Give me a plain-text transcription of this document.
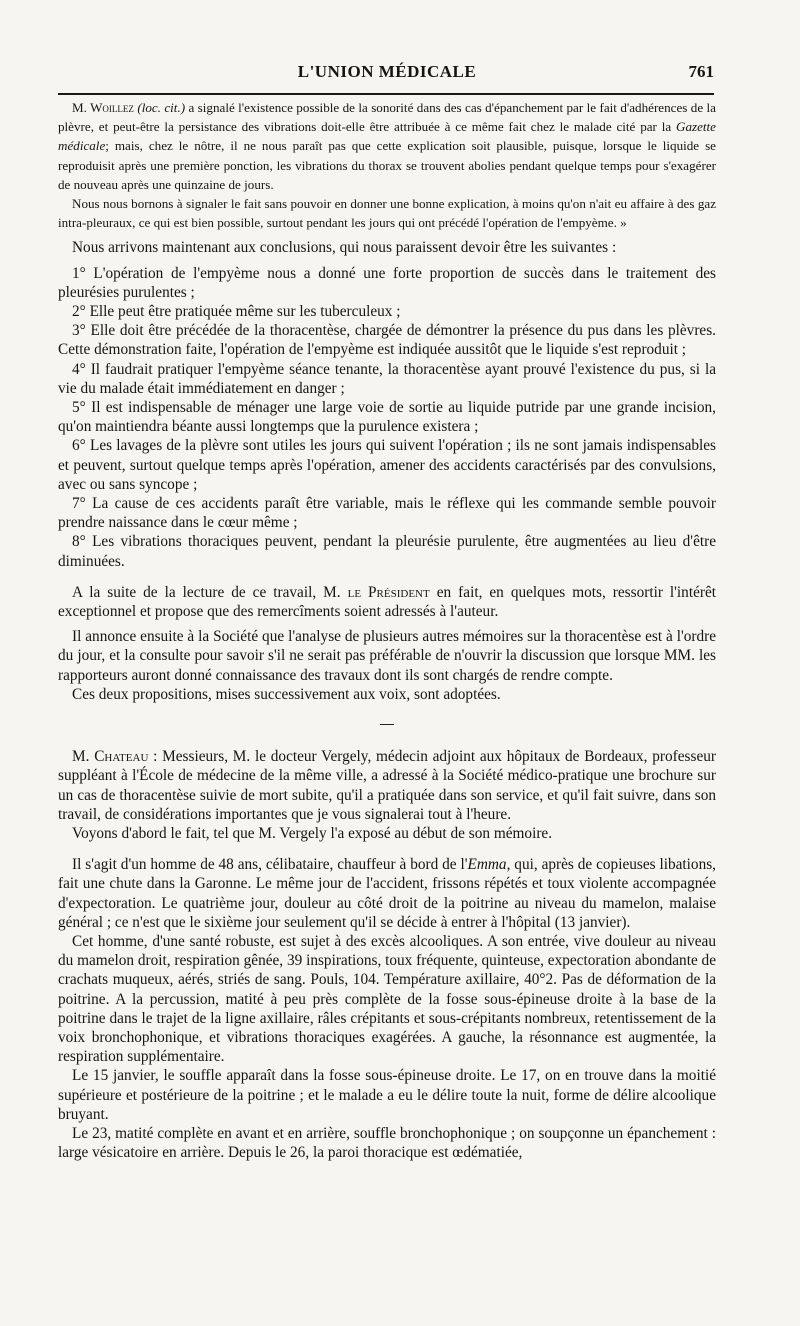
L'UNION MÉDICALE	761

M. Woillez (loc. cit.) a signalé l'existence possible de la sonorité dans des cas d'épanchement par le fait d'adhérences de la plèvre, et peut-être la persistance des vibrations doit-elle être attribuée à ce même fait chez le malade cité par la Gazette médicale; mais, chez le nôtre, il ne nous paraît pas que cette explication soit plausible, puisque, lorsque le liquide se reproduisit après une première ponction, les vibrations du thorax se trouvent abolies pendant quelque temps pour s'exagérer de nouveau après une quinzaine de jours.

Nous nous bornons à signaler le fait sans pouvoir en donner une bonne explication, à moins qu'on n'ait eu affaire à des gaz intra-pleuraux, ce qui est bien possible, surtout pendant les jours qui ont précédé l'opération de l'empyème. »

Nous arrivons maintenant aux conclusions, qui nous paraissent devoir être les suivantes :

1° L'opération de l'empyème nous a donné une forte proportion de succès dans le traitement des pleurésies purulentes ;

2° Elle peut être pratiquée même sur les tuberculeux ;

3° Elle doit être précédée de la thoracentèse, chargée de démontrer la présence du pus dans les plèvres. Cette démonstration faite, l'opération de l'empyème est indiquée aussitôt que le liquide s'est reproduit ;

4° Il faudrait pratiquer l'empyème séance tenante, la thoracentèse ayant prouvé l'existence du pus, si la vie du malade était immédiatement en danger ;

5° Il est indispensable de ménager une large voie de sortie au liquide putride par une grande incision, qu'on maintiendra béante aussi longtemps que la purulence existera ;

6° Les lavages de la plèvre sont utiles les jours qui suivent l'opération ; ils ne sont jamais indispensables et peuvent, surtout quelque temps après l'opération, amener des accidents caractérisés par des convulsions, avec ou sans syncope ;

7° La cause de ces accidents paraît être variable, mais le réflexe qui les commande semble pouvoir prendre naissance dans le cœur même ;

8° Les vibrations thoraciques peuvent, pendant la pleurésie purulente, être augmentées au lieu d'être diminuées.

A la suite de la lecture de ce travail, M. le Président en fait, en quelques mots, ressortir l'intérêt exceptionnel et propose que des remercîments soient adressés à l'auteur.

Il annonce ensuite à la Société que l'analyse de plusieurs autres mémoires sur la thoracentèse est à l'ordre du jour, et la consulte pour savoir s'il ne serait pas préférable de n'ouvrir la discussion que lorsque MM. les rapporteurs auront donné connaissance des travaux dont ils sont chargés de rendre compte.

Ces deux propositions, mises successivement aux voix, sont adoptées.

M. Chateau : Messieurs, M. le docteur Vergely, médecin adjoint aux hôpitaux de Bordeaux, professeur suppléant à l'École de médecine de la même ville, a adressé à la Société médico-pratique une brochure sur un cas de thoracentèse suivie de mort subite, qu'il a pratiquée dans son service, et qu'il fait suivre, dans son travail, de considérations importantes que je vous signalerai tout à l'heure.

Voyons d'abord le fait, tel que M. Vergely l'a exposé au début de son mémoire.

Il s'agit d'un homme de 48 ans, célibataire, chauffeur à bord de l'Emma, qui, après de copieuses libations, fait une chute dans la Garonne. Le même jour de l'accident, frissons répétés et toux violente accompagnée d'expectoration. Le quatrième jour, douleur au côté droit de la poitrine au niveau du mamelon, malaise général ; ce n'est que le sixième jour seulement qu'il se décide à entrer à l'hôpital (13 janvier).

Cet homme, d'une santé robuste, est sujet à des excès alcooliques. A son entrée, vive douleur au niveau du mamelon droit, respiration gênée, 39 inspirations, toux fréquente, quinteuse, expectoration abondante de crachats muqueux, aérés, striés de sang. Pouls, 104. Température axillaire, 40°2. Pas de déformation de la poitrine. A la percussion, matité à peu près complète de la fosse sous-épineuse droite à la base de la poitrine dans le trajet de la ligne axillaire, râles crépitants et sous-crépitants nombreux, retentissement de la voix bronchophonique, et vibrations thoraciques exagérées. A gauche, la résonnance est augmentée, la respiration supplémentaire.

Le 15 janvier, le souffle apparaît dans la fosse sous-épineuse droite. Le 17, on en trouve dans la moitié supérieure et postérieure de la poitrine ; et le malade a eu le délire toute la nuit, forme de délire alcoolique bruyant.

Le 23, matité complète en avant et en arrière, souffle bronchophonique ; on soupçonne un épanchement : large vésicatoire en arrière. Depuis le 26, la paroi thoracique est œdématiée,
